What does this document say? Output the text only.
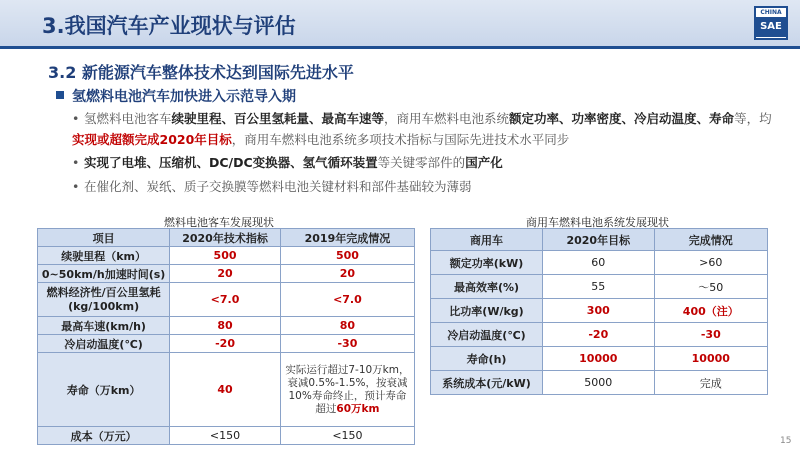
3.我国汽车产业现状与评估
CHINA
SAE
3.2 新能源汽车整体技术达到国际先进水平
氢燃料电池汽车加快进入示范导入期
• 氢燃料电池客车续驶里程、百公里氢耗量、最高车速等，商用车燃料电池系统额定功率、功率密度、冷启动温度、寿命等，均实现或超额完成2020年目标，商用车燃料电池系统多项技术指标与国际先进技术水平同步
• 实现了电堆、压缩机、DC/DC变换器、氢气循环装置等关键零部件的国产化
• 在催化剂、炭纸、质子交换膜等燃料电池关键材料和部件基础较为薄弱
燃料电池客车发展现状	商用车燃料电池系统发展现状
项目	2020年技术指标	2019年完成情况
续驶里程（km）	500	500
0~50km/h加速时间(s)	20	20
燃料经济性/百公里氢耗(kg/100km)	<7.0	<7.0
最高车速(km/h)	80	80
冷启动温度(℃)	-20	-30
寿命（万km）	40	实际运行超过7-10万km，衰减0.5%-1.5%，按衰减10%寿命终止，预计寿命超过60万km
成本（万元）	<150	<150
商用车	2020年目标	完成情况
额定功率(kW)	60	>60
最高效率(%)	55	～50
比功率(W/kg)	300	400（注）
冷启动温度(℃)	-20	-30
寿命(h)	10000	10000
系统成本(元/kW)	5000	完成
15
